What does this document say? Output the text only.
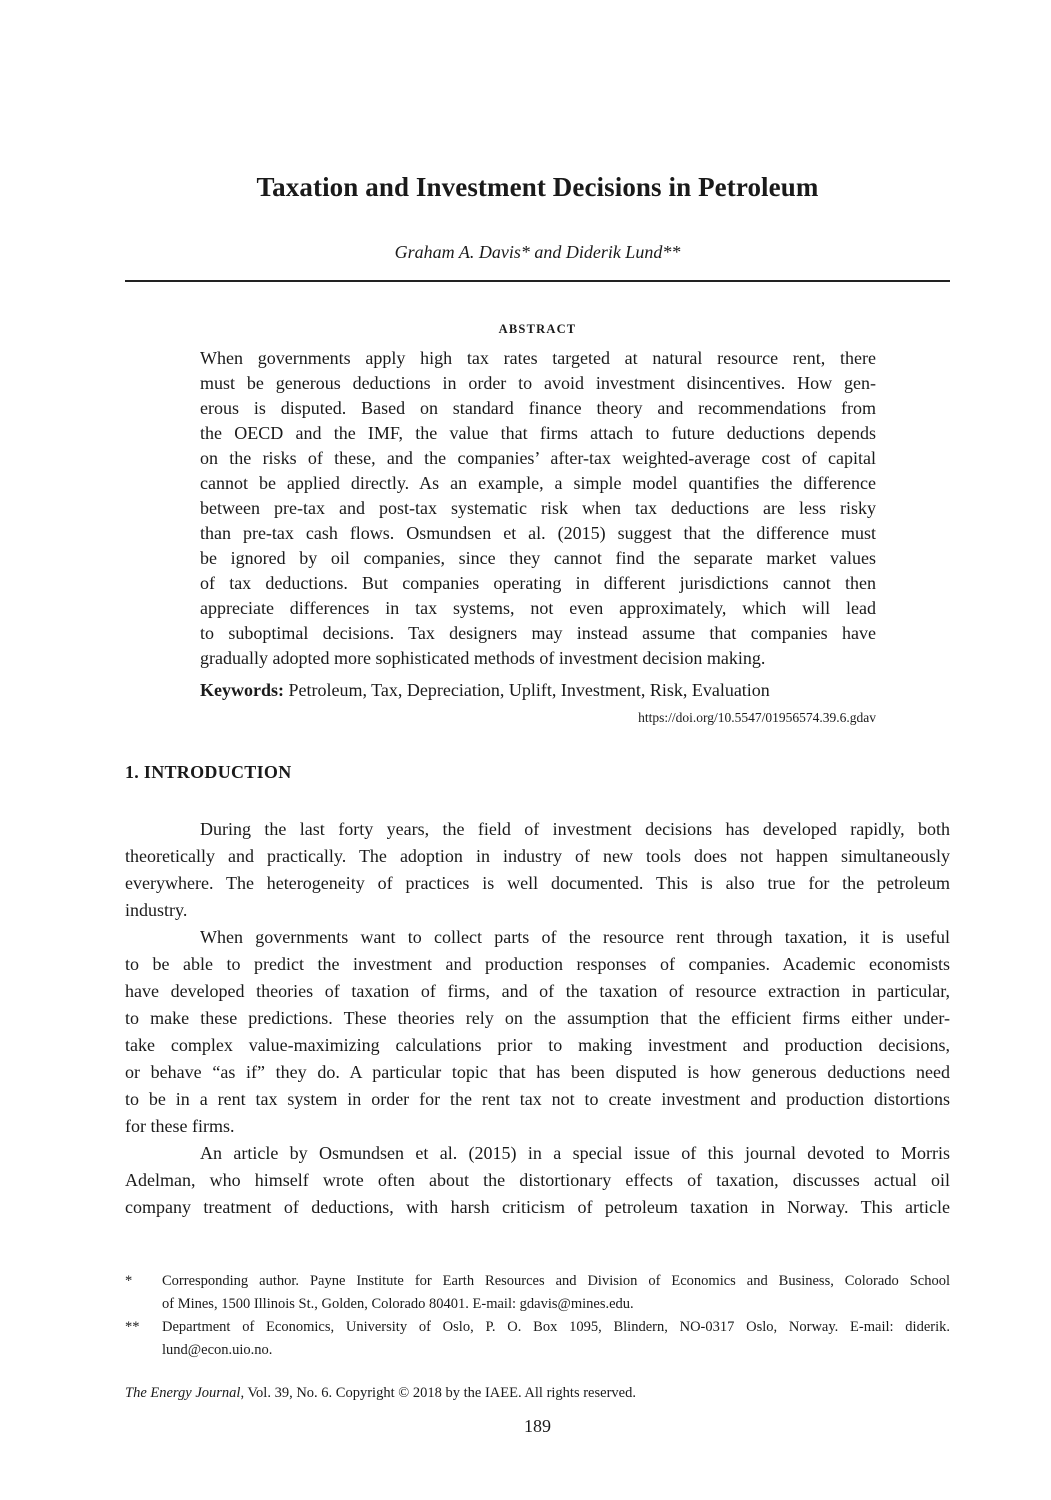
Taxation and Investment Decisions in Petroleum
Graham A. Davis* and Diderik Lund**
ABSTRACT
When governments apply high tax rates targeted at natural resource rent, there
must be generous deductions in order to avoid investment disincentives. How gen-
erous is disputed. Based on standard finance theory and recommendations from
the OECD and the IMF, the value that firms attach to future deductions depends
on the risks of these, and the companies’ after-tax weighted-average cost of capital
cannot be applied directly. As an example, a simple model quantifies the difference
between pre-tax and post-tax systematic risk when tax deductions are less risky
than pre-tax cash flows. Osmundsen et al. (2015) suggest that the difference must
be ignored by oil companies, since they cannot find the separate market values
of tax deductions. But companies operating in different jurisdictions cannot then
appreciate differences in tax systems, not even approximately, which will lead
to suboptimal decisions. Tax designers may instead assume that companies have
gradually adopted more sophisticated methods of investment decision making.
Keywords: Petroleum, Tax, Depreciation, Uplift, Investment, Risk, Evaluation
https://doi.org/10.5547/01956574.39.6.gdav
1. INTRODUCTION
During the last forty years, the field of investment decisions has developed rapidly, both
theoretically and practically. The adoption in industry of new tools does not happen simultaneously
everywhere. The heterogeneity of practices is well documented. This is also true for the petroleum
industry.
When governments want to collect parts of the resource rent through taxation, it is useful
to be able to predict the investment and production responses of companies. Academic economists
have developed theories of taxation of firms, and of the taxation of resource extraction in particular,
to make these predictions. These theories rely on the assumption that the efficient firms either under-
take complex value-maximizing calculations prior to making investment and production decisions,
or behave “as if” they do. A particular topic that has been disputed is how generous deductions need
to be in a rent tax system in order for the rent tax not to create investment and production distortions
for these firms.
An article by Osmundsen et al. (2015) in a special issue of this journal devoted to Morris
Adelman, who himself wrote often about the distortionary effects of taxation, discusses actual oil
company treatment of deductions, with harsh criticism of petroleum taxation in Norway. This article
* Corresponding author. Payne Institute for Earth Resources and Division of Economics and Business, Colorado School
of Mines, 1500 Illinois St., Golden, Colorado 80401. E-mail: gdavis@mines.edu.
** Department of Economics, University of Oslo, P. O. Box 1095, Blindern, NO-0317 Oslo, Norway. E-mail: diderik.
lund@econ.uio.no.
The Energy Journal, Vol. 39, No. 6. Copyright © 2018 by the IAEE. All rights reserved.
189
